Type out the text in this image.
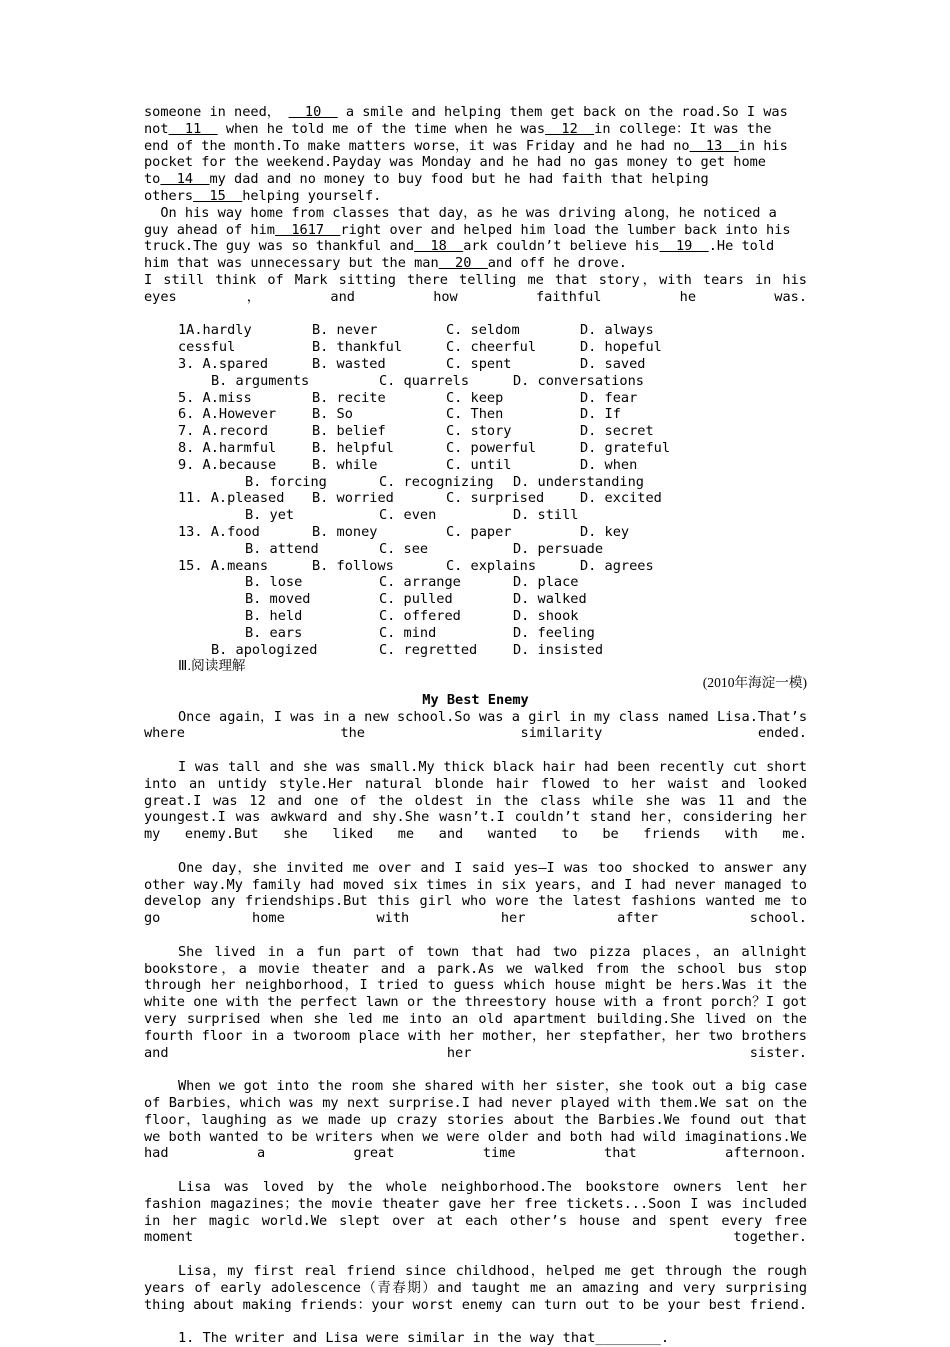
someone in need，   10   a smile and helping them get back on the road.So I was
not  11   when he told me of the time when he was  12  in college：It was the
end of the month.To make matters worse，it was Friday and he had no  13  in his
pocket for the weekend.Payday was Monday and he had no gas money to get home
to  14  my dad and no money to buy food but he had faith that helping
others  15  helping yourself.
On his way home from classes that day，as he was driving along，he noticed a
guy ahead of him  1617  right over and helped him load the lumber back into his
truck.The guy was so thankful and  18  ark couldn’t believe his  19  .He told
him that was unnecessary but the man  20  and off he drove.
I still think of Mark sitting there telling me that story，with tears in his eyes，and how faithful he was.
1A.hardly	B. never	C. seldom	D. always
cessful	B. thankful	C. cheerful	D. hopeful
3. A.spared	B. wasted	C. spent	D. saved
B. arguments	C. quarrels	D. conversations
5. A.miss	B. recite	C. keep	D. fear
6. A.However	B. So	C. Then	D. If
7. A.record	B. belief	C. story	D. secret
8. A.harmful	B. helpful	C. powerful	D. grateful
9. A.because	B. while	C. until	D. when
B. forcing	C. recognizing D. understanding
11. A.pleased B. worried	C. surprised	D. excited
B. yet	C. even	D. still
13. A.food	B. money	C. paper	D. key
B. attend	C. see	D. persuade
15. A.means	B. follows	C. explains	D. agrees
B. lose	C. arrange	D. place
B. moved	C. pulled	D. walked
B. held	C. offered	D. shook
B. ears	C. mind	D. feeling
B. apologized	C. regretted	D. insisted
Ⅲ.阅读理解
(2010年海淀一模)
My Best Enemy
Once again，I was in a new school.So was a girl in my class named Lisa.That’s where the similarity ended.
I was tall and she was small.My thick black hair had been recently cut short into an untidy style.Her natural blonde hair flowed to her waist and looked great.I was 12 and one of the oldest in the class while she was 11 and the youngest.I was awkward and shy.She wasn’t.I couldn’t stand her，considering her my enemy.But she liked me and wanted to be friends with me.
One day，she invited me over and I said yes—I was too shocked to answer any other way.My family had moved six times in six years，and I had never managed to develop any friendships.But this girl who wore the latest fashions wanted me to go home with her after school.
She lived in a fun part of town that had two pizza places，an allnight bookstore，a movie theater and a park.As we walked from the school bus stop through her neighborhood，I tried to guess which house might be hers.Was it the white one with the perfect lawn or the threestory house with a front porch？I got very surprised when she led me into an old apartment building.She lived on the fourth floor in a tworoom place with her mother，her stepfather，her two brothers and her sister.
When we got into the room she shared with her sister，she took out a big case of Barbies，which was my next surprise.I had never played with them.We sat on the floor，laughing as we made up crazy stories about the Barbies.We found out that we both wanted to be writers when we were older and both had wild imaginations.We had a great time that afternoon.
Lisa was loved by the whole neighborhood.The bookstore owners lent her fashion magazines；the movie theater gave her free tickets...Soon I was included in her magic world.We slept over at each other’s house and spent every free moment together.
Lisa，my first real friend since childhood，helped me get through the rough years of early adolescence（青春期）and taught me an amazing and very surprising thing about making friends：your worst enemy can turn out to be your best friend.
1. The writer and Lisa were similar in the way that________.
